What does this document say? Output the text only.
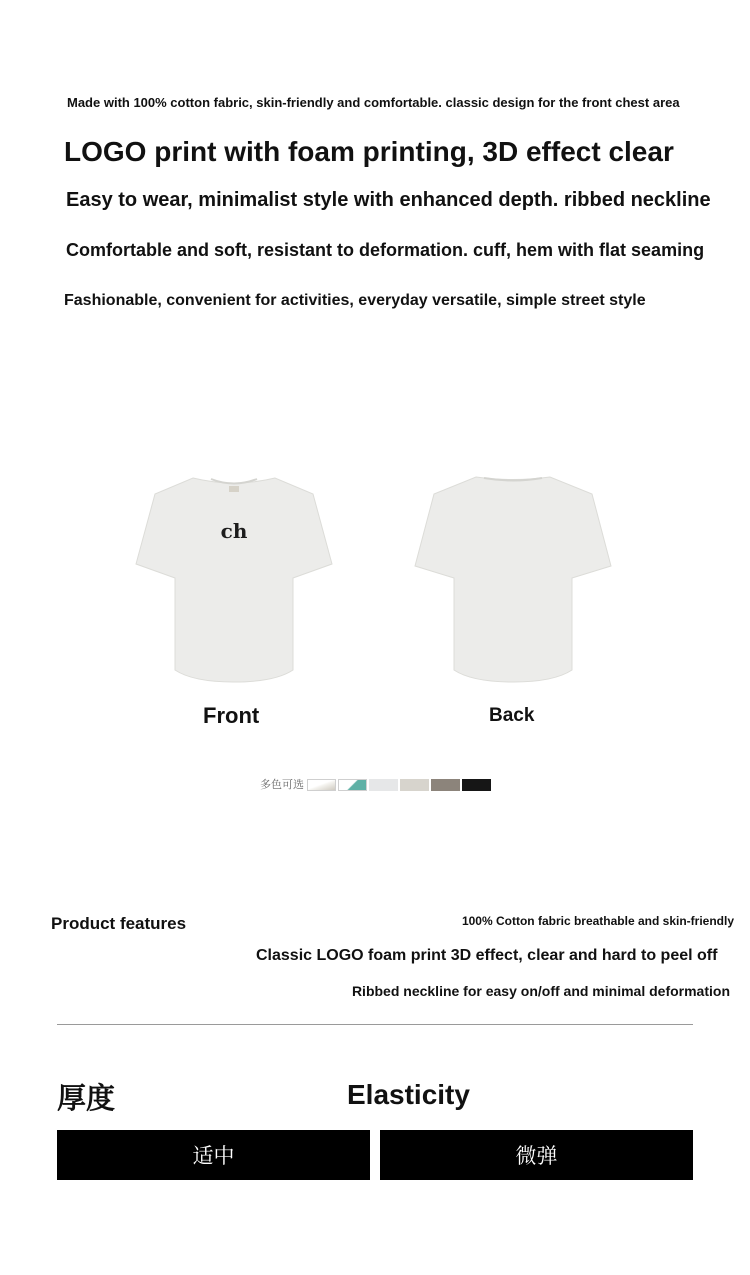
Made with 100% cotton fabric, skin-friendly and comfortable. classic design for the front chest area
LOGO print with foam printing, 3D effect clear
Easy to wear, minimalist style with enhanced depth. ribbed neckline
Comfortable and soft, resistant to deformation. cuff, hem with flat seaming
Fashionable, convenient for activities, everyday versatile, simple street style
ch
Front	Back
多色可选
Product features	100% Cotton fabric breathable and skin-friendly
Classic LOGO foam print 3D effect, clear and hard to peel off
Ribbed neckline for easy on/off and minimal deformation
厚度	Elasticity
适中	微弹
